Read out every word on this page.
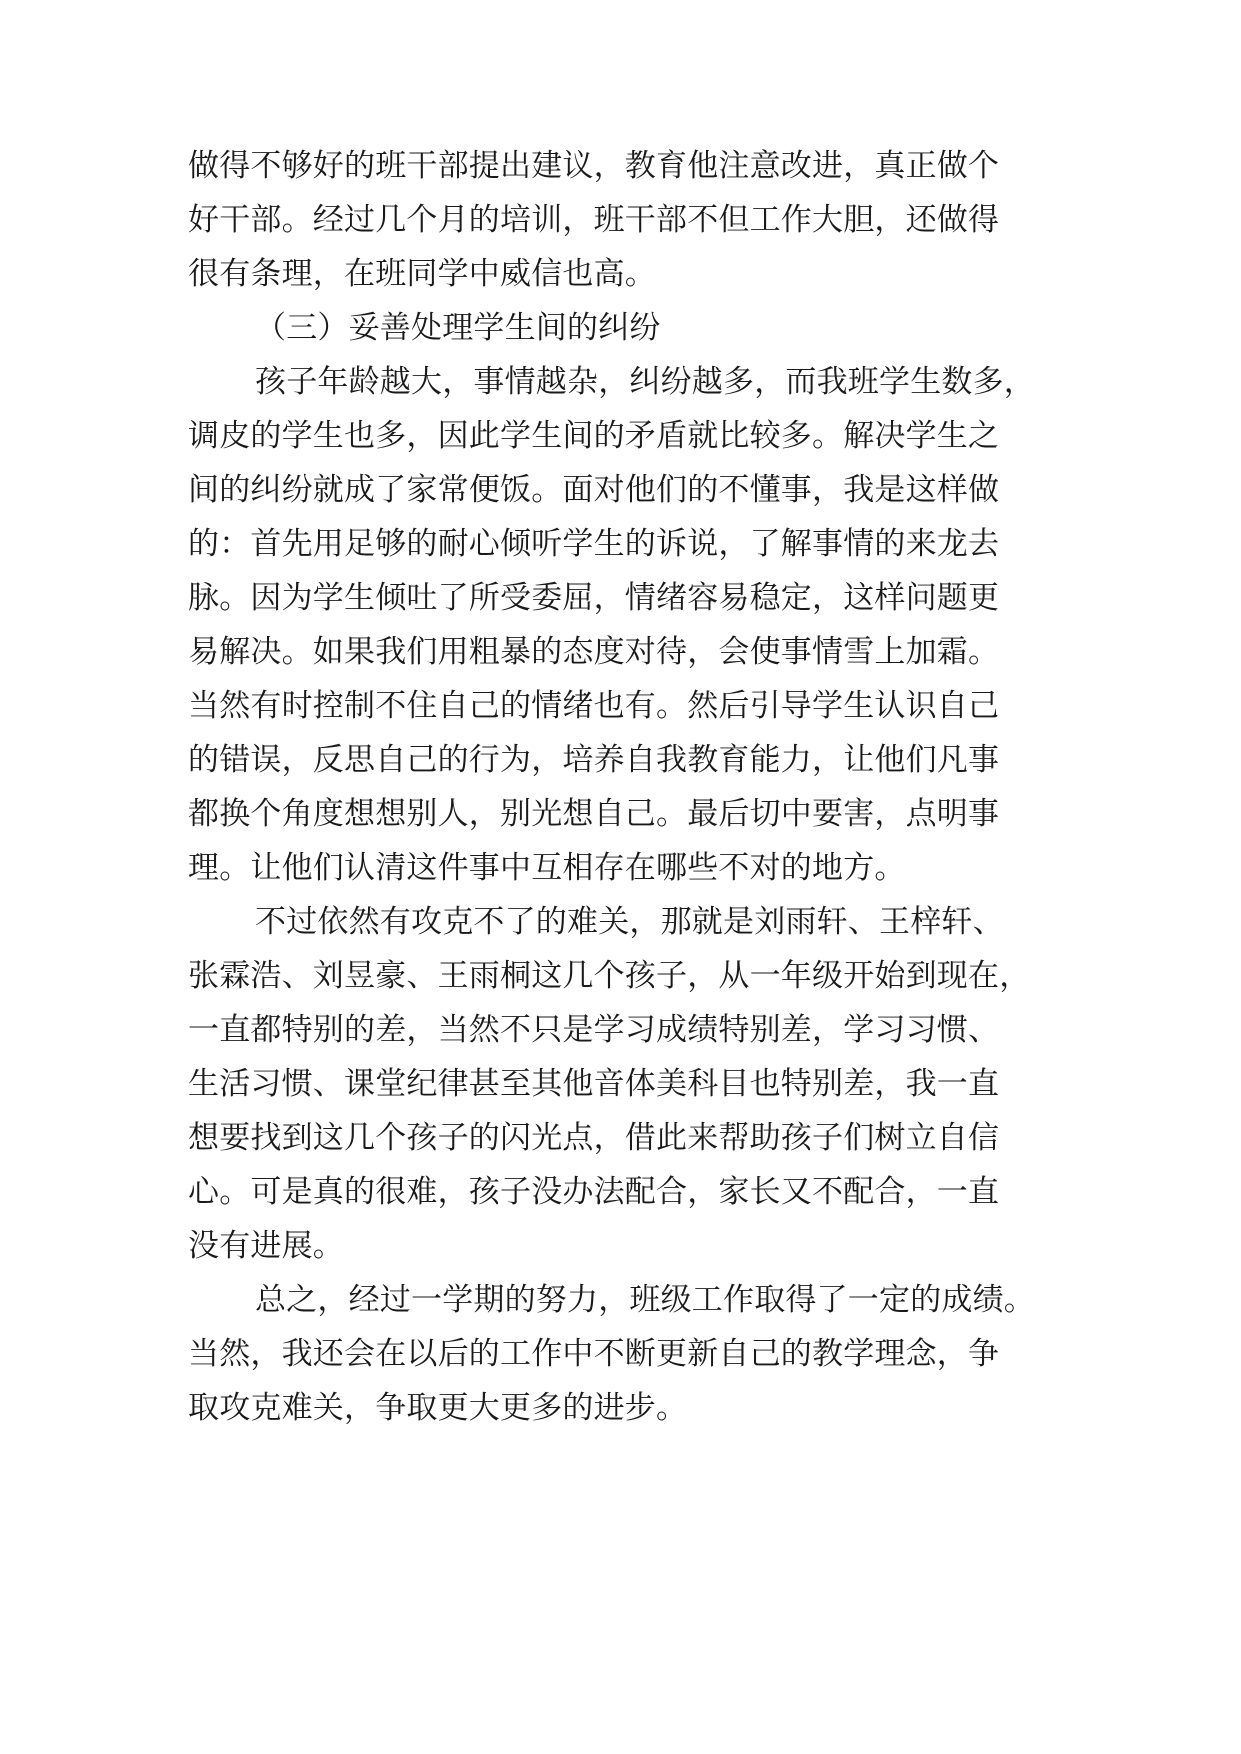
做得不够好的班干部提出建议，教育他注意改进，真正做个
好干部。经过几个月的培训，班干部不但工作大胆，还做得
很有条理，在班同学中威信也高。
（三）妥善处理学生间的纠纷
孩子年龄越大，事情越杂，纠纷越多，而我班学生数多，
调皮的学生也多，因此学生间的矛盾就比较多。解决学生之
间的纠纷就成了家常便饭。面对他们的不懂事，我是这样做
的：首先用足够的耐心倾听学生的诉说，了解事情的来龙去
脉。因为学生倾吐了所受委屈，情绪容易稳定，这样问题更
易解决。如果我们用粗暴的态度对待，会使事情雪上加霜。
当然有时控制不住自己的情绪也有。然后引导学生认识自己
的错误，反思自己的行为，培养自我教育能力，让他们凡事
都换个角度想想别人，别光想自己。最后切中要害，点明事
理。让他们认清这件事中互相存在哪些不对的地方。
不过依然有攻克不了的难关，那就是刘雨轩、王梓轩、
张霖浩、刘昱豪、王雨桐这几个孩子，从一年级开始到现在，
一直都特别的差，当然不只是学习成绩特别差，学习习惯、
生活习惯、课堂纪律甚至其他音体美科目也特别差，我一直
想要找到这几个孩子的闪光点，借此来帮助孩子们树立自信
心。可是真的很难，孩子没办法配合，家长又不配合，一直
没有进展。
总之，经过一学期的努力，班级工作取得了一定的成绩。
当然，我还会在以后的工作中不断更新自己的教学理念，争
取攻克难关，争取更大更多的进步。
